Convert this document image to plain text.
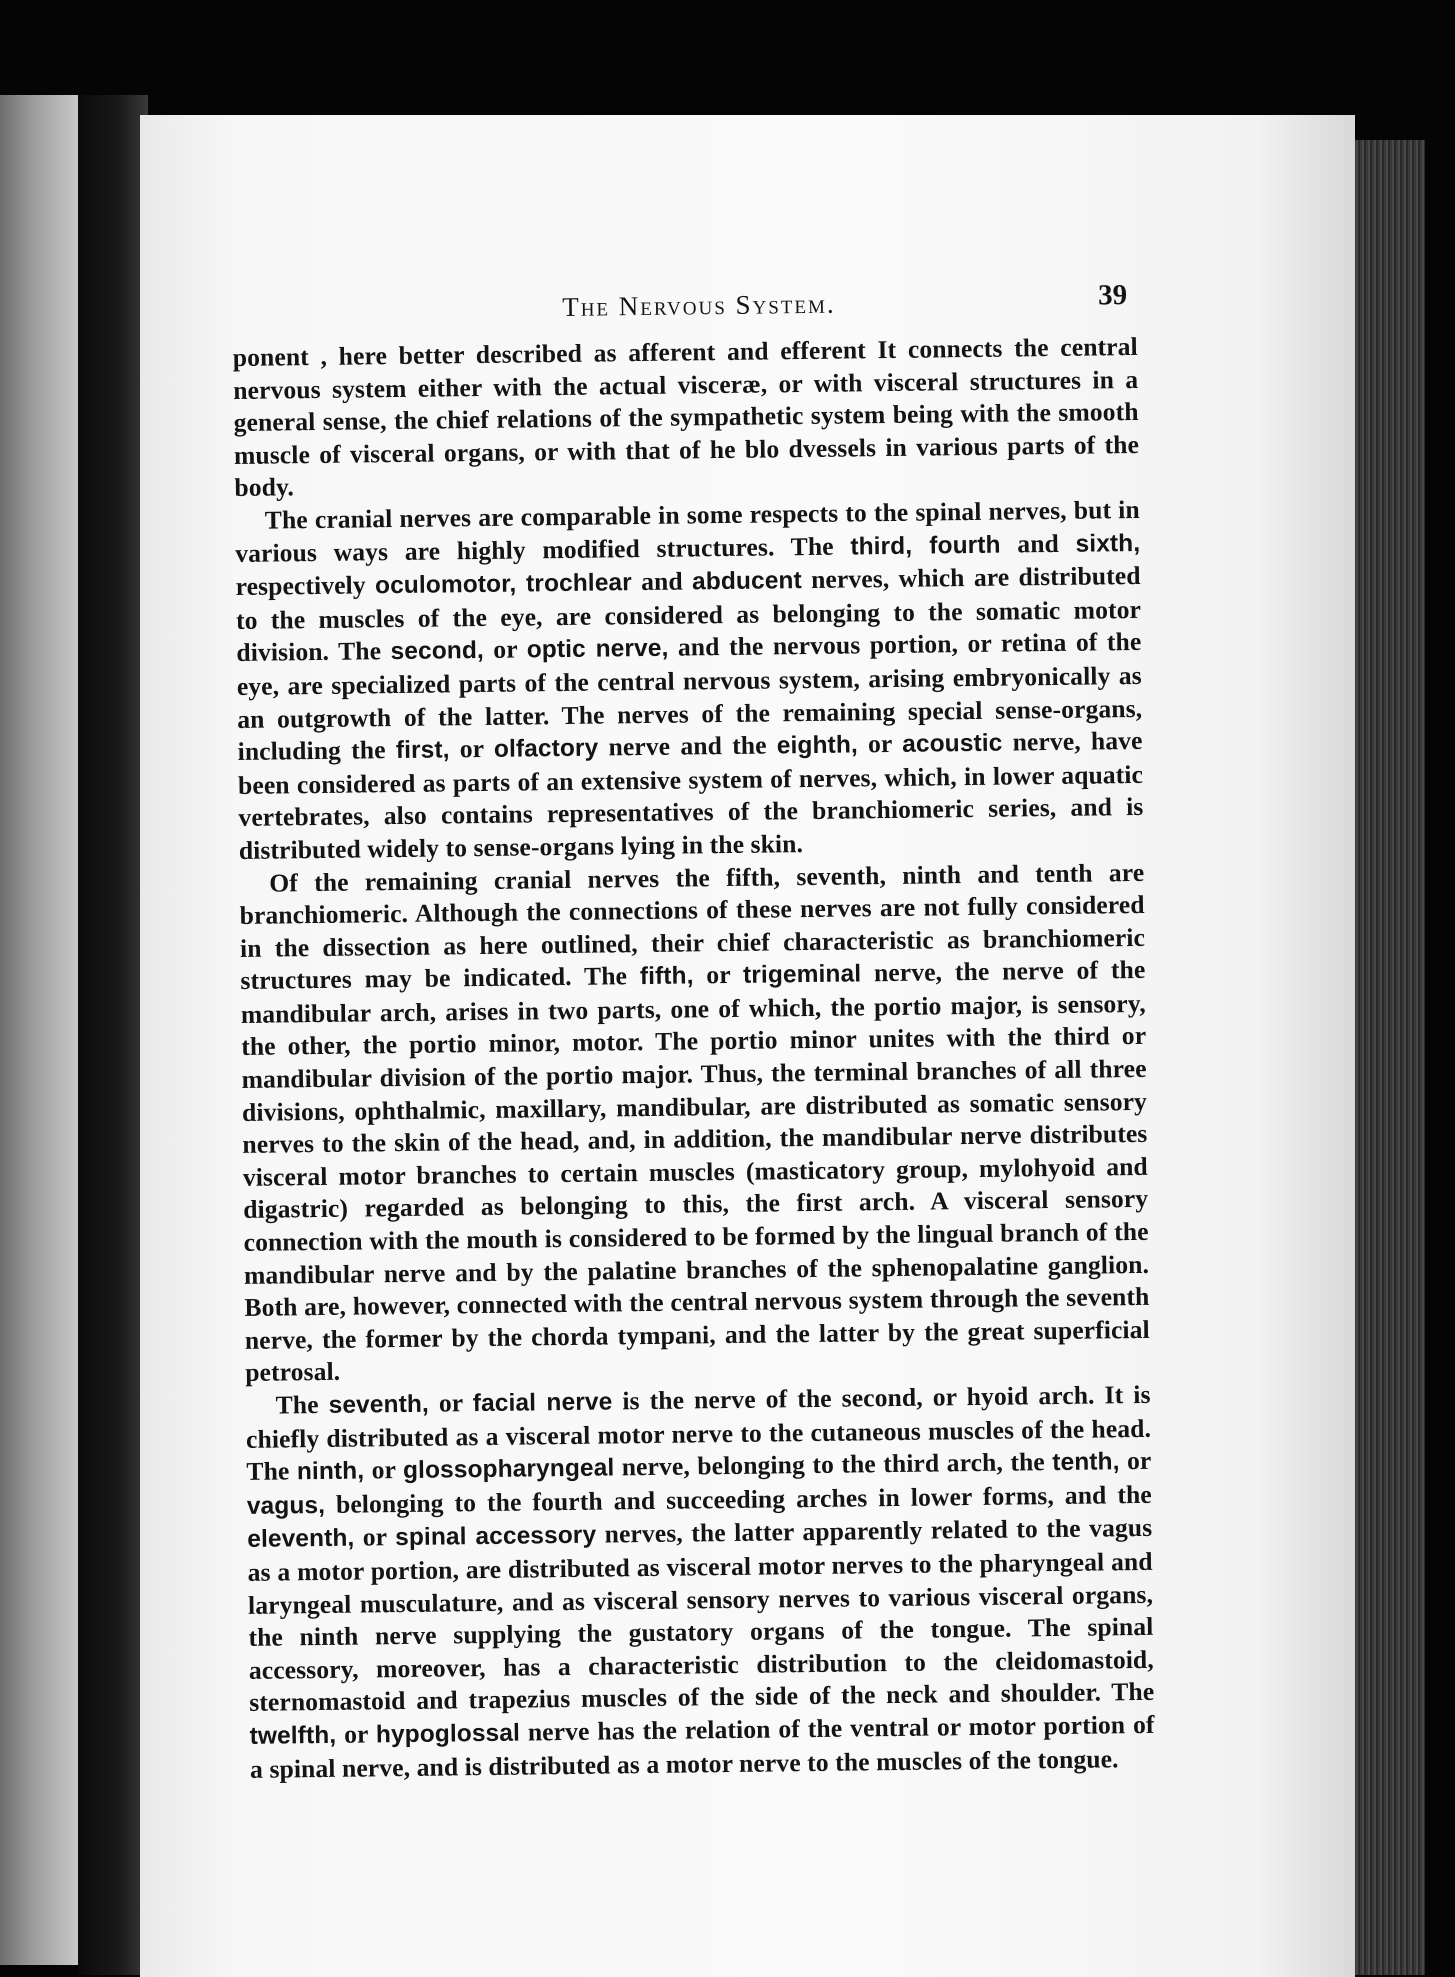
The Nervous System.	39

ponent , here better described as afferent and efferent It connects the central nervous system either with the actual visceræ, or with visceral structures in a general sense, the chief relations of the sympathetic system being with the smooth muscle of visceral organs, or with that of he blo dvessels in various parts of the body.

The cranial nerves are comparable in some respects to the spinal nerves, but in various ways are highly modified structures. The third, fourth and sixth, respectively oculomotor, trochlear and abducent nerves, which are distributed to the muscles of the eye, are considered as belonging to the somatic motor division. The second, or optic nerve, and the nervous portion, or retina of the eye, are specialized parts of the central nervous system, arising embryonically as an outgrowth of the latter. The nerves of the remaining special sense-organs, including the first, or olfactory nerve and the eighth, or acoustic nerve, have been considered as parts of an extensive system of nerves, which, in lower aquatic vertebrates, also contains representatives of the branchiomeric series, and is distributed widely to sense-organs lying in the skin.

Of the remaining cranial nerves the fifth, seventh, ninth and tenth are branchiomeric. Although the connections of these nerves are not fully considered in the dissection as here outlined, their chief characteristic as branchiomeric structures may be indicated. The fifth, or trigeminal nerve, the nerve of the mandibular arch, arises in two parts, one of which, the portio major, is sensory, the other, the portio minor, motor. The portio minor unites with the third or mandibular division of the portio major. Thus, the terminal branches of all three divisions, ophthalmic, maxillary, mandibular, are distributed as somatic sensory nerves to the skin of the head, and, in addition, the mandibular nerve distributes visceral motor branches to certain muscles (masticatory group, mylohyoid and digastric) regarded as belonging to this, the first arch. A visceral sensory connection with the mouth is considered to be formed by the lingual branch of the mandibular nerve and by the palatine branches of the sphenopalatine ganglion. Both are, however, connected with the central nervous system through the seventh nerve, the former by the chorda tympani, and the latter by the great superficial petrosal.

The seventh, or facial nerve is the nerve of the second, or hyoid arch. It is chiefly distributed as a visceral motor nerve to the cutaneous muscles of the head. The ninth, or glossopharyngeal nerve, belonging to the third arch, the tenth, or vagus, belonging to the fourth and succeeding arches in lower forms, and the eleventh, or spinal accessory nerves, the latter apparently related to the vagus as a motor portion, are distributed as visceral motor nerves to the pharyngeal and laryngeal musculature, and as visceral sensory nerves to various visceral organs, the ninth nerve supplying the gustatory organs of the tongue. The spinal accessory, moreover, has a characteristic distribution to the cleidomastoid, sternomastoid and trapezius muscles of the side of the neck and shoulder. The twelfth, or hypoglossal nerve has the relation of the ventral or motor portion of a spinal nerve, and is distributed as a motor nerve to the muscles of the tongue.
